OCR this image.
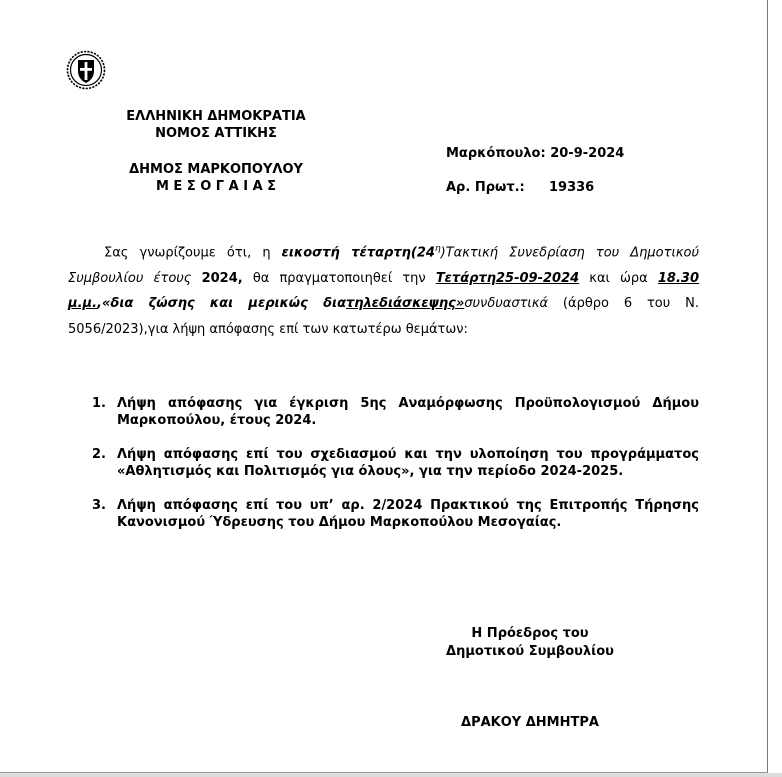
ΕΛΛΗΝΙΚΗ ΔΗΜΟΚΡΑΤΙΑ
ΝΟΜΟΣ ΑΤΤΙΚΗΣ
ΔΗΜΟΣ ΜΑΡΚΟΠΟΥΛΟΥ
Μ Ε Σ Ο Γ Α Ι Α Σ
Μαρκόπουλο: 20-9-2024
Αρ. Πρωτ.: 19336

Σας γνωρίζουμε ότι, η εικοστή $\tau έ\tau\alpha\rho\tau\eta(24^\eta)T\alpha\kappa\tau\iota\kappa ή$ Συνεδρίαση του Δημοτικού Συμβουλίου έτους 2024, θα πραγματοποιηθεί την Τετάρτη25-09-2024 και ώρα 18.30 μ.μ.,«δια ζώσης και μερικώς διατηλεδιάσκεψης»συνδυαστικά (άρθρο 6 του Ν. 5056/2023),για λήψη απόφασης επί των κατωτέρω θεμάτων:

1. Λήψη απόφασης για έγκριση 5ης Αναμόρφωσης Προϋπολογισμού Δήμου Μαρκοπούλου, έτους 2024.
2. Λήψη απόφασης επί του σχεδιασμού και την υλοποίηση του προγράμματος «Αθλητισμός και Πολιτισμός για όλους», για την περίοδο 2024-2025.
3. Λήψη απόφασης επί του υπ’ αρ. 2/2024 Πρακτικού της Επιτροπής Τήρησης Κανονισμού Ύδρευσης του Δήμου Μαρκοπούλου Μεσογαίας.
Η Πρόεδρος του
Δημοτικού Συμβουλίου
ΔΡΑΚΟΥ ΔΗΜΗΤΡΑ
